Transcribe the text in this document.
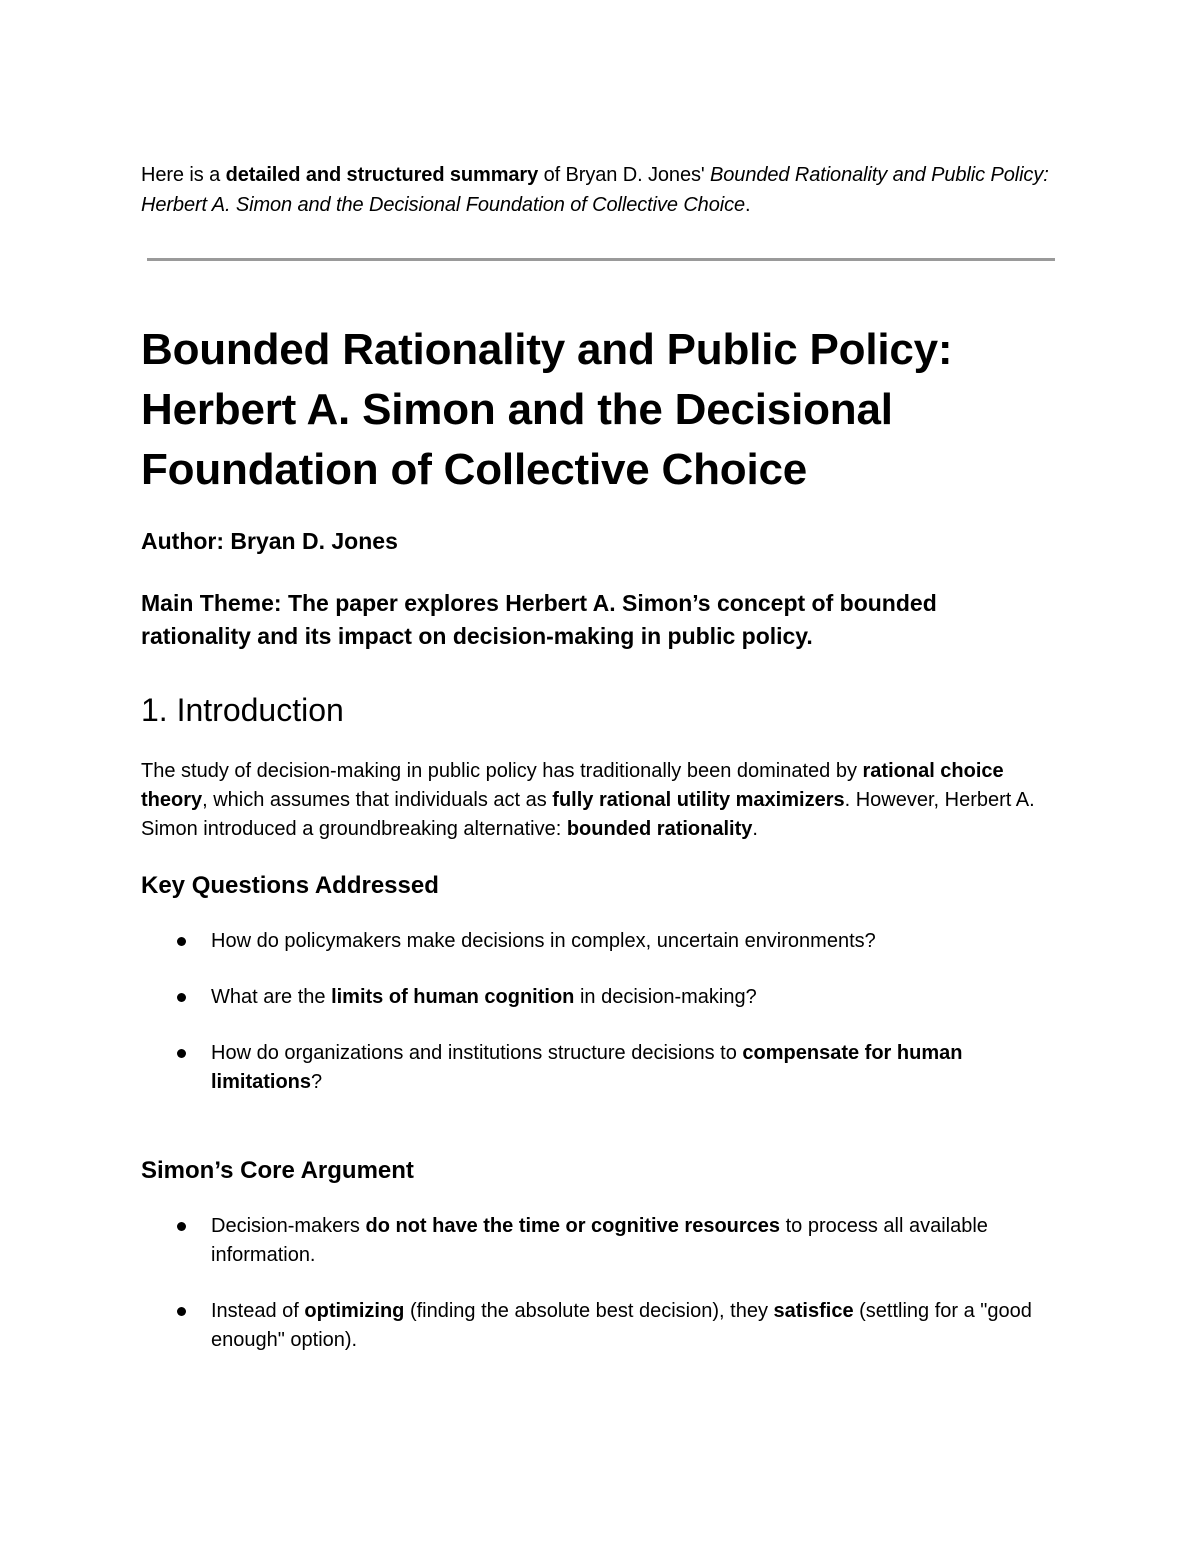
Here is a detailed and structured summary of Bryan D. Jones' Bounded Rationality and Public Policy: Herbert A. Simon and the Decisional Foundation of Collective Choice.

Bounded Rationality and Public Policy: Herbert A. Simon and the Decisional Foundation of Collective Choice

Author: Bryan D. Jones

Main Theme: The paper explores Herbert A. Simon’s concept of bounded rationality and its impact on decision-making in public policy.

1. Introduction

The study of decision-making in public policy has traditionally been dominated by rational choice theory, which assumes that individuals act as fully rational utility maximizers. However, Herbert A. Simon introduced a groundbreaking alternative: bounded rationality.

Key Questions Addressed
How do policymakers make decisions in complex, uncertain environments?
What are the limits of human cognition in decision-making?
How do organizations and institutions structure decisions to compensate for human limitations?
Simon’s Core Argument
Decision-makers do not have the time or cognitive resources to process all available information.
Instead of optimizing (finding the absolute best decision), they satisfice (settling for a "good enough" option).
